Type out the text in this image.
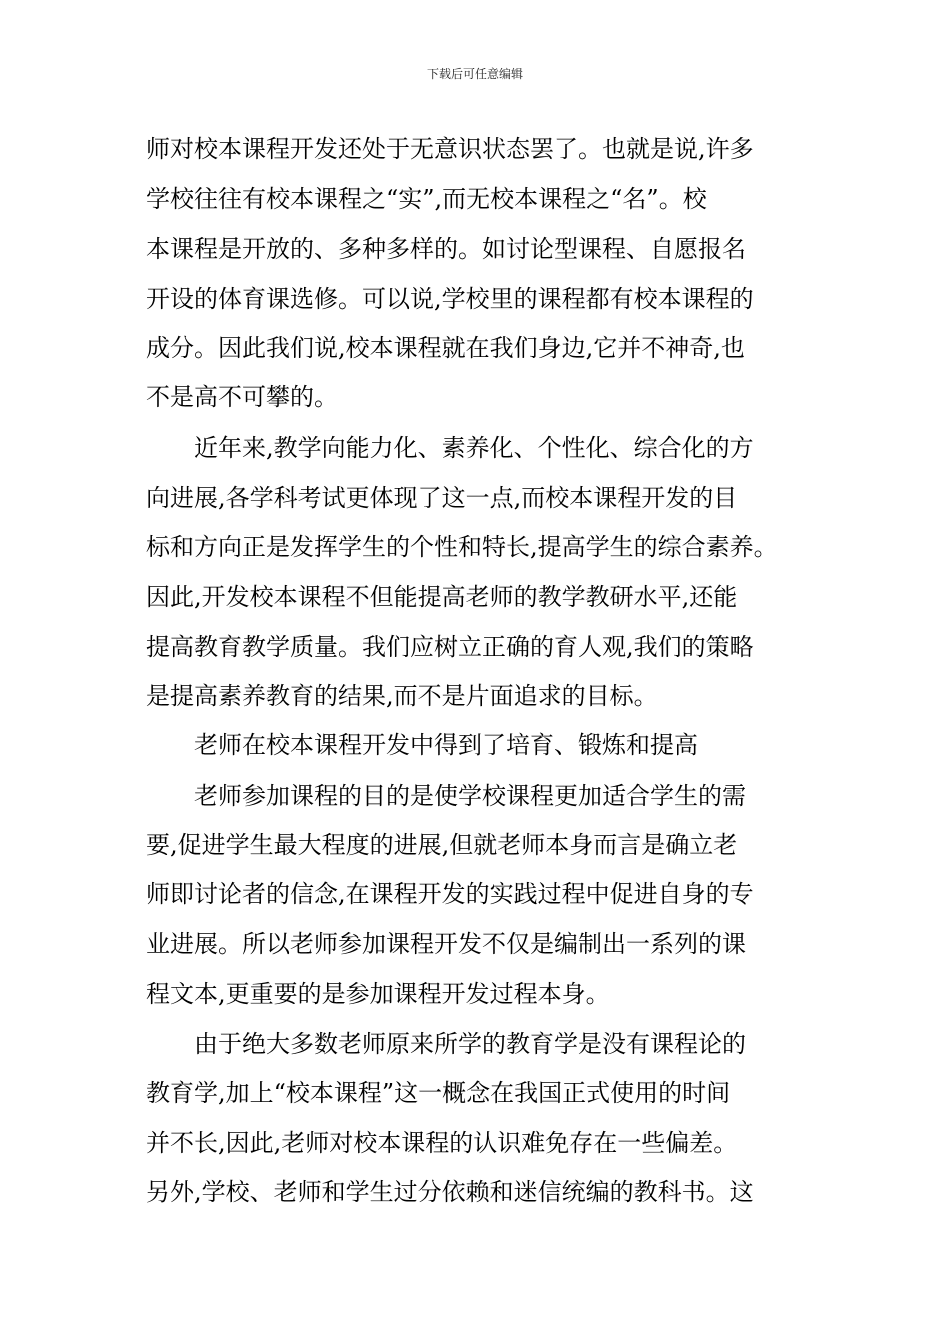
下载后可任意编辑
师对校本课程开发还处于无意识状态罢了。也就是说,许多
学校往往有校本课程之“实”,而无校本课程之“名”。校
本课程是开放的、多种多样的。如讨论型课程、自愿报名
开设的体育课选修。可以说,学校里的课程都有校本课程的
成分。因此我们说,校本课程就在我们身边,它并不神奇,也
不是高不可攀的。
近年来,教学向能力化、素养化、个性化、综合化的方
向进展,各学科考试更体现了这一点,而校本课程开发的目
标和方向正是发挥学生的个性和特长,提高学生的综合素养。
因此,开发校本课程不但能提高老师的教学教研水平,还能
提高教育教学质量。我们应树立正确的育人观,我们的策略
是提高素养教育的结果,而不是片面追求的目标。
老师在校本课程开发中得到了培育、锻炼和提高
老师参加课程的目的是使学校课程更加适合学生的需
要,促进学生最大程度的进展,但就老师本身而言是确立老
师即讨论者的信念,在课程开发的实践过程中促进自身的专
业进展。所以老师参加课程开发不仅是编制出一系列的课
程文本,更重要的是参加课程开发过程本身。
由于绝大多数老师原来所学的教育学是没有课程论的
教育学,加上“校本课程”这一概念在我国正式使用的时间
并不长,因此,老师对校本课程的认识难免存在一些偏差。
另外,学校、老师和学生过分依赖和迷信统编的教科书。这
